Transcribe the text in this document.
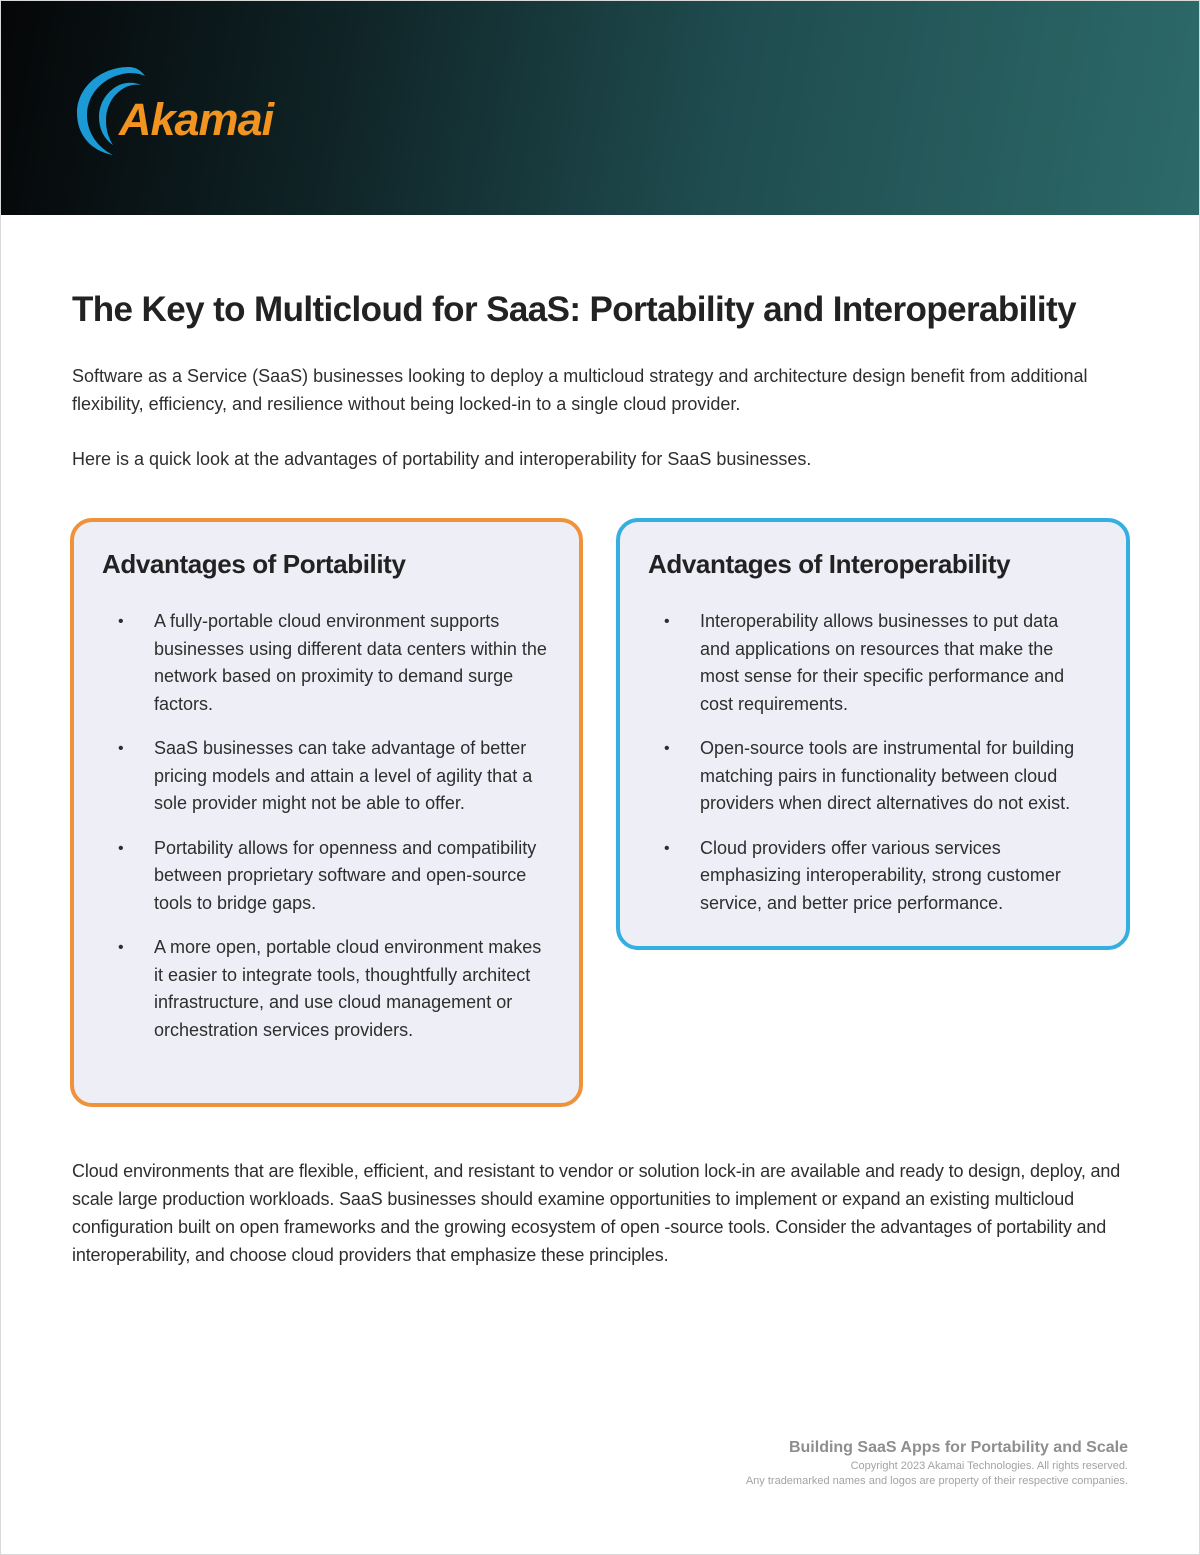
Akamai
The Key to Multicloud for SaaS: Portability and Interoperability

Software as a Service (SaaS) businesses looking to deploy a multicloud strategy and architecture design benefit from additional flexibility, efficiency, and resilience without being locked-in to a single cloud provider.

Here is a quick look at the advantages of portability and interoperability for SaaS businesses.

Advantages of Portability
• A fully-portable cloud environment supports businesses using different data centers within the network based on proximity to demand surge factors.
• SaaS businesses can take advantage of better pricing models and attain a level of agility that a sole provider might not be able to offer.
• Portability allows for openness and compatibility between proprietary software and open-source tools to bridge gaps.
• A more open, portable cloud environment makes it easier to integrate tools, thoughtfully architect infrastructure, and use cloud management or orchestration services providers.
Advantages of Interoperability
• Interoperability allows businesses to put data and applications on resources that make the most sense for their specific performance and cost requirements.
• Open-source tools are instrumental for building matching pairs in functionality between cloud providers when direct alternatives do not exist.
• Cloud providers offer various services emphasizing interoperability, strong customer service, and better price performance.

Cloud environments that are flexible, efficient, and resistant to vendor or solution lock-in are available and ready to design, deploy, and scale large production workloads. SaaS businesses should examine opportunities to implement or expand an existing multicloud configuration built on open frameworks and the growing ecosystem of open -source tools. Consider the advantages of portability and interoperability, and choose cloud providers that emphasize these principles.

Building SaaS Apps for Portability and Scale
Copyright 2023 Akamai Technologies. All rights reserved.
Any trademarked names and logos are property of their respective companies.
